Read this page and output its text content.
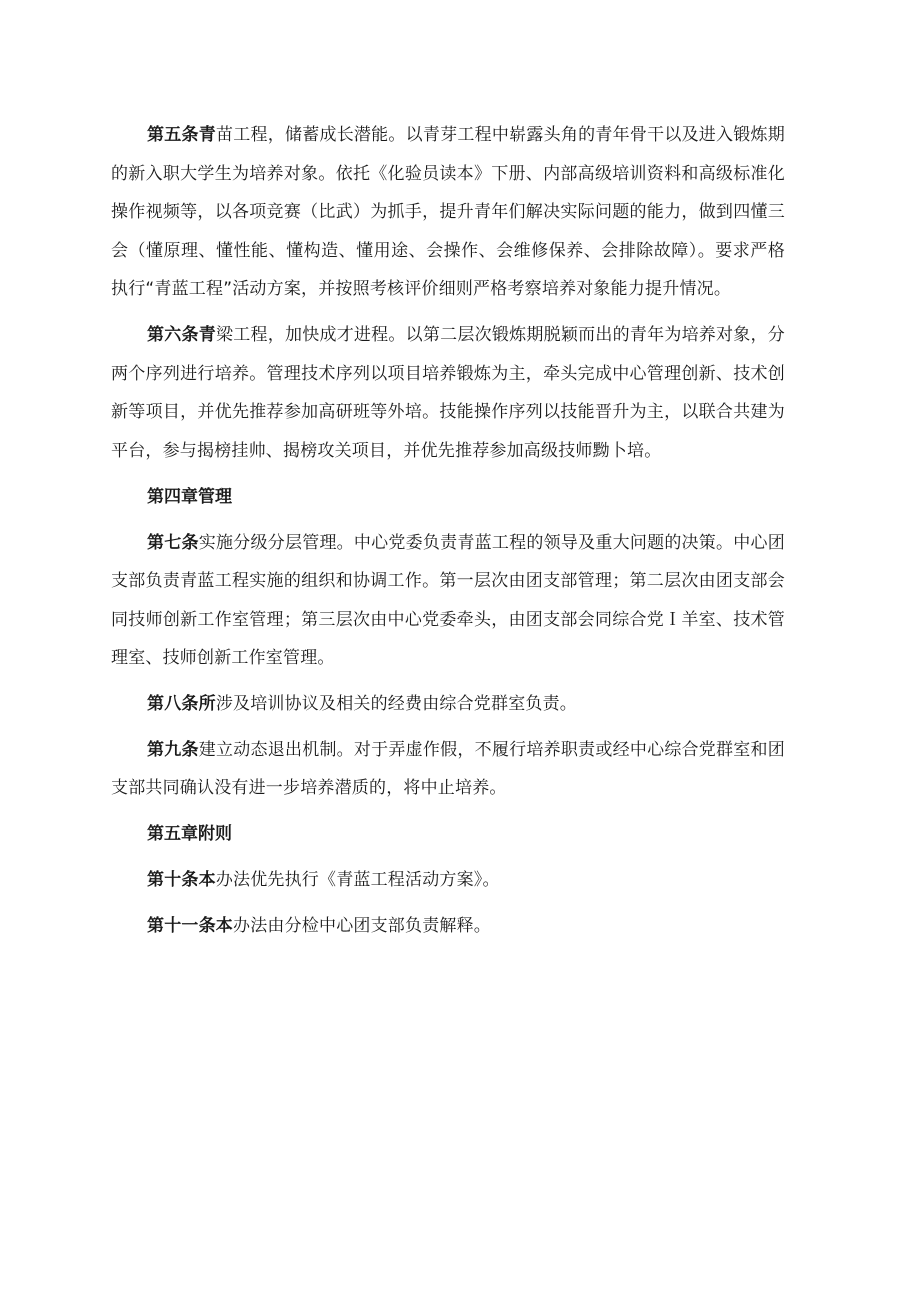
第五条青苗工程，储蓄成长潜能。以青芽工程中崭露头角的青年骨干以及进入锻炼期的新入职大学生为培养对象。依托《化验员读本》下册、内部高级培训资料和高级标准化操作视频等，以各项竞赛（比武）为抓手，提升青年们解决实际问题的能力，做到四懂三会（懂原理、懂性能、懂构造、懂用途、会操作、会维修保养、会排除故障）。要求严格执行“青蓝工程”活动方案，并按照考核评价细则严格考察培养对象能力提升情况。

第六条青梁工程，加快成才进程。以第二层次锻炼期脱颖而出的青年为培养对象，分两个序列进行培养。管理技术序列以项目培养锻炼为主，牵头完成中心管理创新、技术创新等项目，并优先推荐参加高研班等外培。技能操作序列以技能晋升为主，以联合共建为平台，参与揭榜挂帅、揭榜攻关项目，并优先推荐参加高级技师黝卜培。

第四章管理

第七条实施分级分层管理。中心党委负责青蓝工程的领导及重大问题的决策。中心团支部负责青蓝工程实施的组织和协调工作。第一层次由团支部管理；第二层次由团支部会同技师创新工作室管理；第三层次由中心党委牵头，由团支部会同综合党Ｉ羊室、技术管理室、技师创新工作室管理。

第八条所涉及培训协议及相关的经费由综合党群室负责。

第九条建立动态退出机制。对于弄虚作假，不履行培养职责或经中心综合党群室和团支部共同确认没有进一步培养潜质的，将中止培养。

第五章附则

第十条本办法优先执行《青蓝工程活动方案》。

第十一条本办法由分检中心团支部负责解释。
